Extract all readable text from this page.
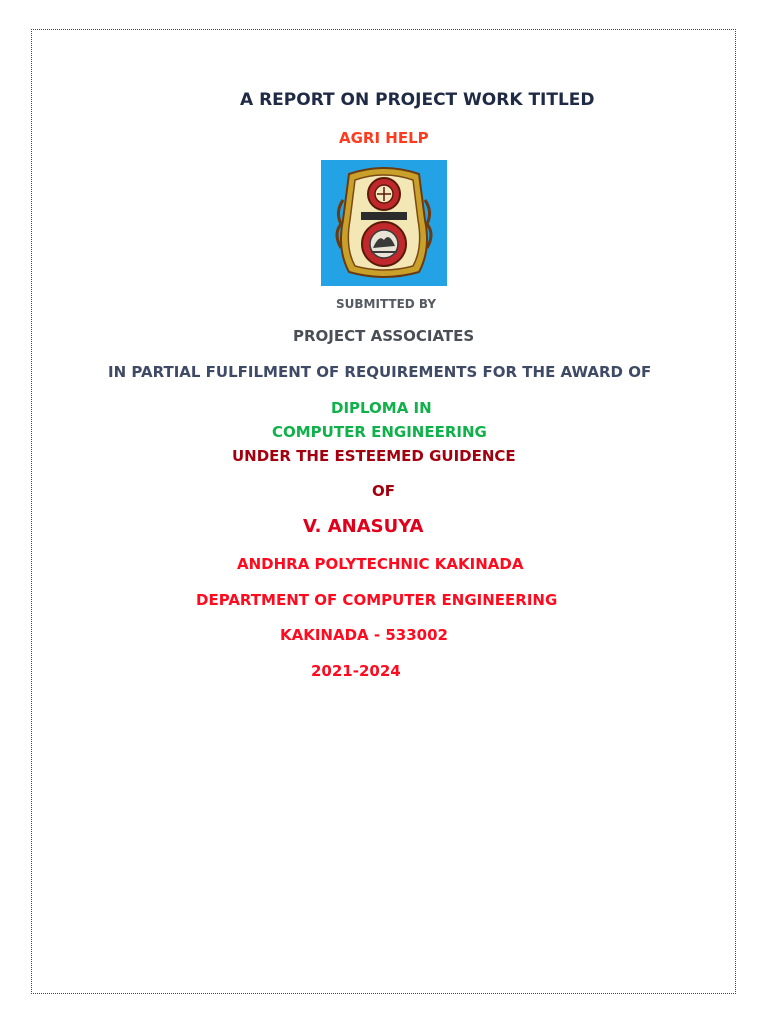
A REPORT ON PROJECT WORK TITLED
AGRI HELP
SUBMITTED BY
PROJECT ASSOCIATES
IN PARTIAL FULFILMENT OF REQUIREMENTS FOR THE AWARD OF
DIPLOMA IN
COMPUTER ENGINEERING
UNDER THE ESTEEMED GUIDENCE
OF
V. ANASUYA
ANDHRA POLYTECHNIC KAKINADA
DEPARTMENT OF COMPUTER ENGINEERING
KAKINADA - 533002
2021-2024
